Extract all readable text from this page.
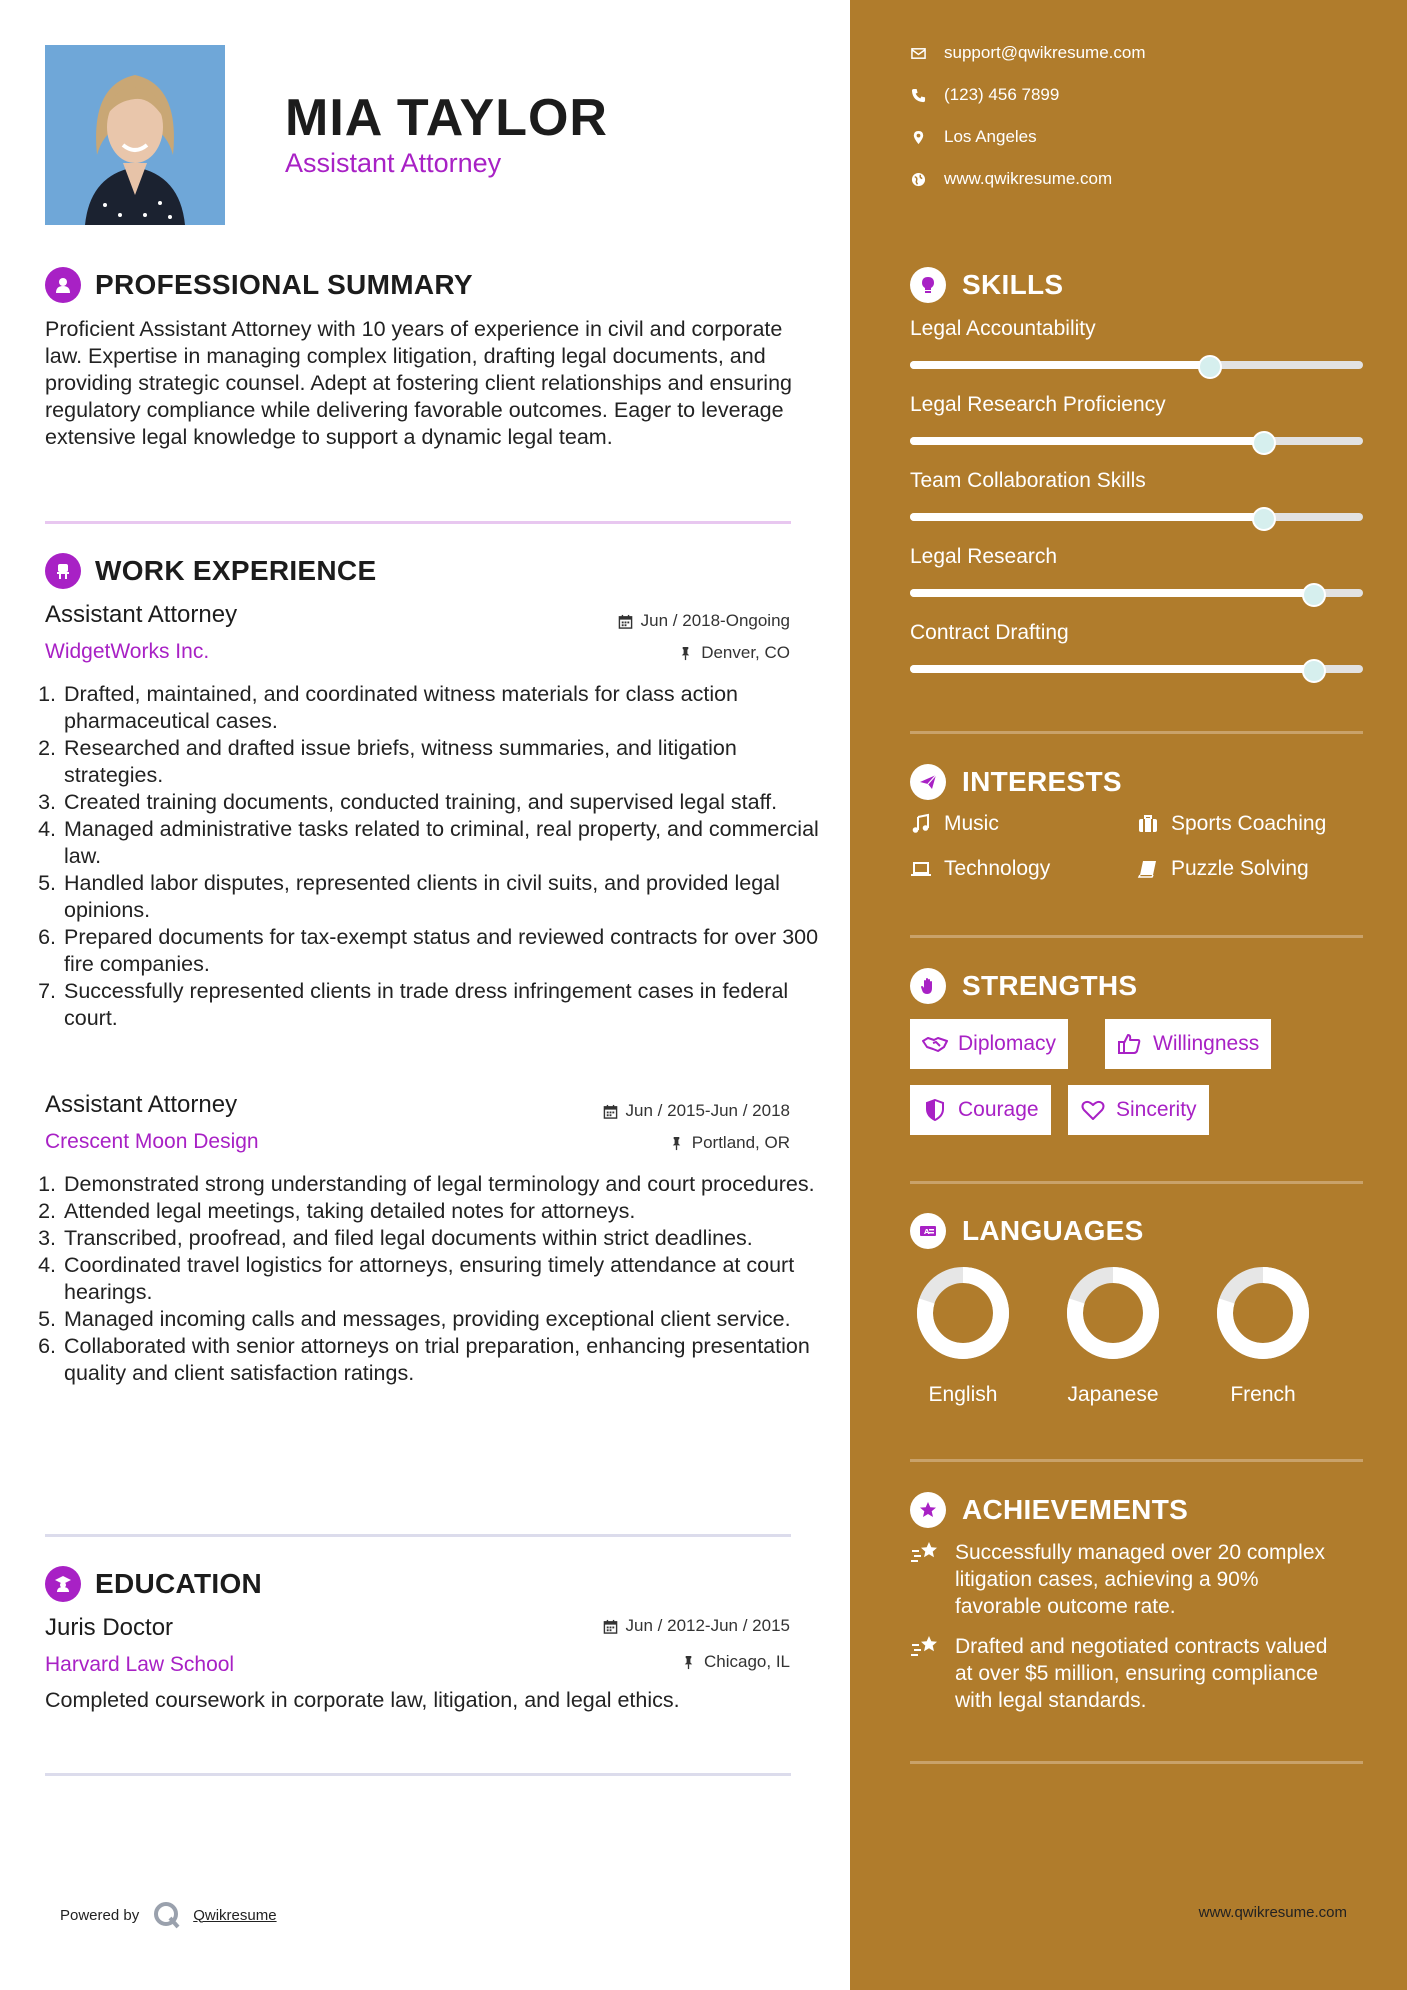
MIA TAYLOR

Assistant Attorney

PROFESSIONAL SUMMARY

Proficient Assistant Attorney with 10 years of experience in civil and corporate law. Expertise in managing complex litigation, drafting legal documents, and providing strategic counsel. Adept at fostering client relationships and ensuring regulatory compliance while delivering favorable outcomes. Eager to leverage extensive legal knowledge to support a dynamic legal team.

WORK EXPERIENCE

Assistant Attorney

WidgetWorks Inc.

Jun / 2018-Ongoing
Denver, CO
1. Drafted, maintained, and coordinated witness materials for class action pharmaceutical cases.
2. Researched and drafted issue briefs, witness summaries, and litigation strategies.
3. Created training documents, conducted training, and supervised legal staff.
4. Managed administrative tasks related to criminal, real property, and commercial law.
5. Handled labor disputes, represented clients in civil suits, and provided legal opinions.
6. Prepared documents for tax-exempt status and reviewed contracts for over 300 fire companies.
7. Successfully represented clients in trade dress infringement cases in federal court.

Assistant Attorney

Crescent Moon Design

Jun / 2015-Jun / 2018
Portland, OR
1. Demonstrated strong understanding of legal terminology and court procedures.
2. Attended legal meetings, taking detailed notes for attorneys.
3. Transcribed, proofread, and filed legal documents within strict deadlines.
4. Coordinated travel logistics for attorneys, ensuring timely attendance at court hearings.
5. Managed incoming calls and messages, providing exceptional client service.
6. Collaborated with senior attorneys on trial preparation, enhancing presentation quality and client satisfaction ratings.
EDUCATION

Juris Doctor

Harvard Law School

Jun / 2012-Jun / 2015
Chicago, IL

Completed coursework in corporate law, litigation, and legal ethics.

Powered by	Qwikresume
support@qwikresume.com
(123) 456 7899
Los Angeles
www.qwikresume.com
SKILLS

Legal Accountability

Legal Research Proficiency

Team Collaboration Skills

Legal Research

Contract Drafting

INTERESTS
Music	Sports Coaching
Technology	Puzzle Solving
STRENGTHS
Diplomacy	Willingness
Courage	Sincerity
A LANGUAGES
English	Japanese	French
ACHIEVEMENTS
Successfully managed over 20 complex litigation cases, achieving a 90% favorable outcome rate.
Drafted and negotiated contracts valued at over $5 million, ensuring compliance with legal standards.
www.qwikresume.com
